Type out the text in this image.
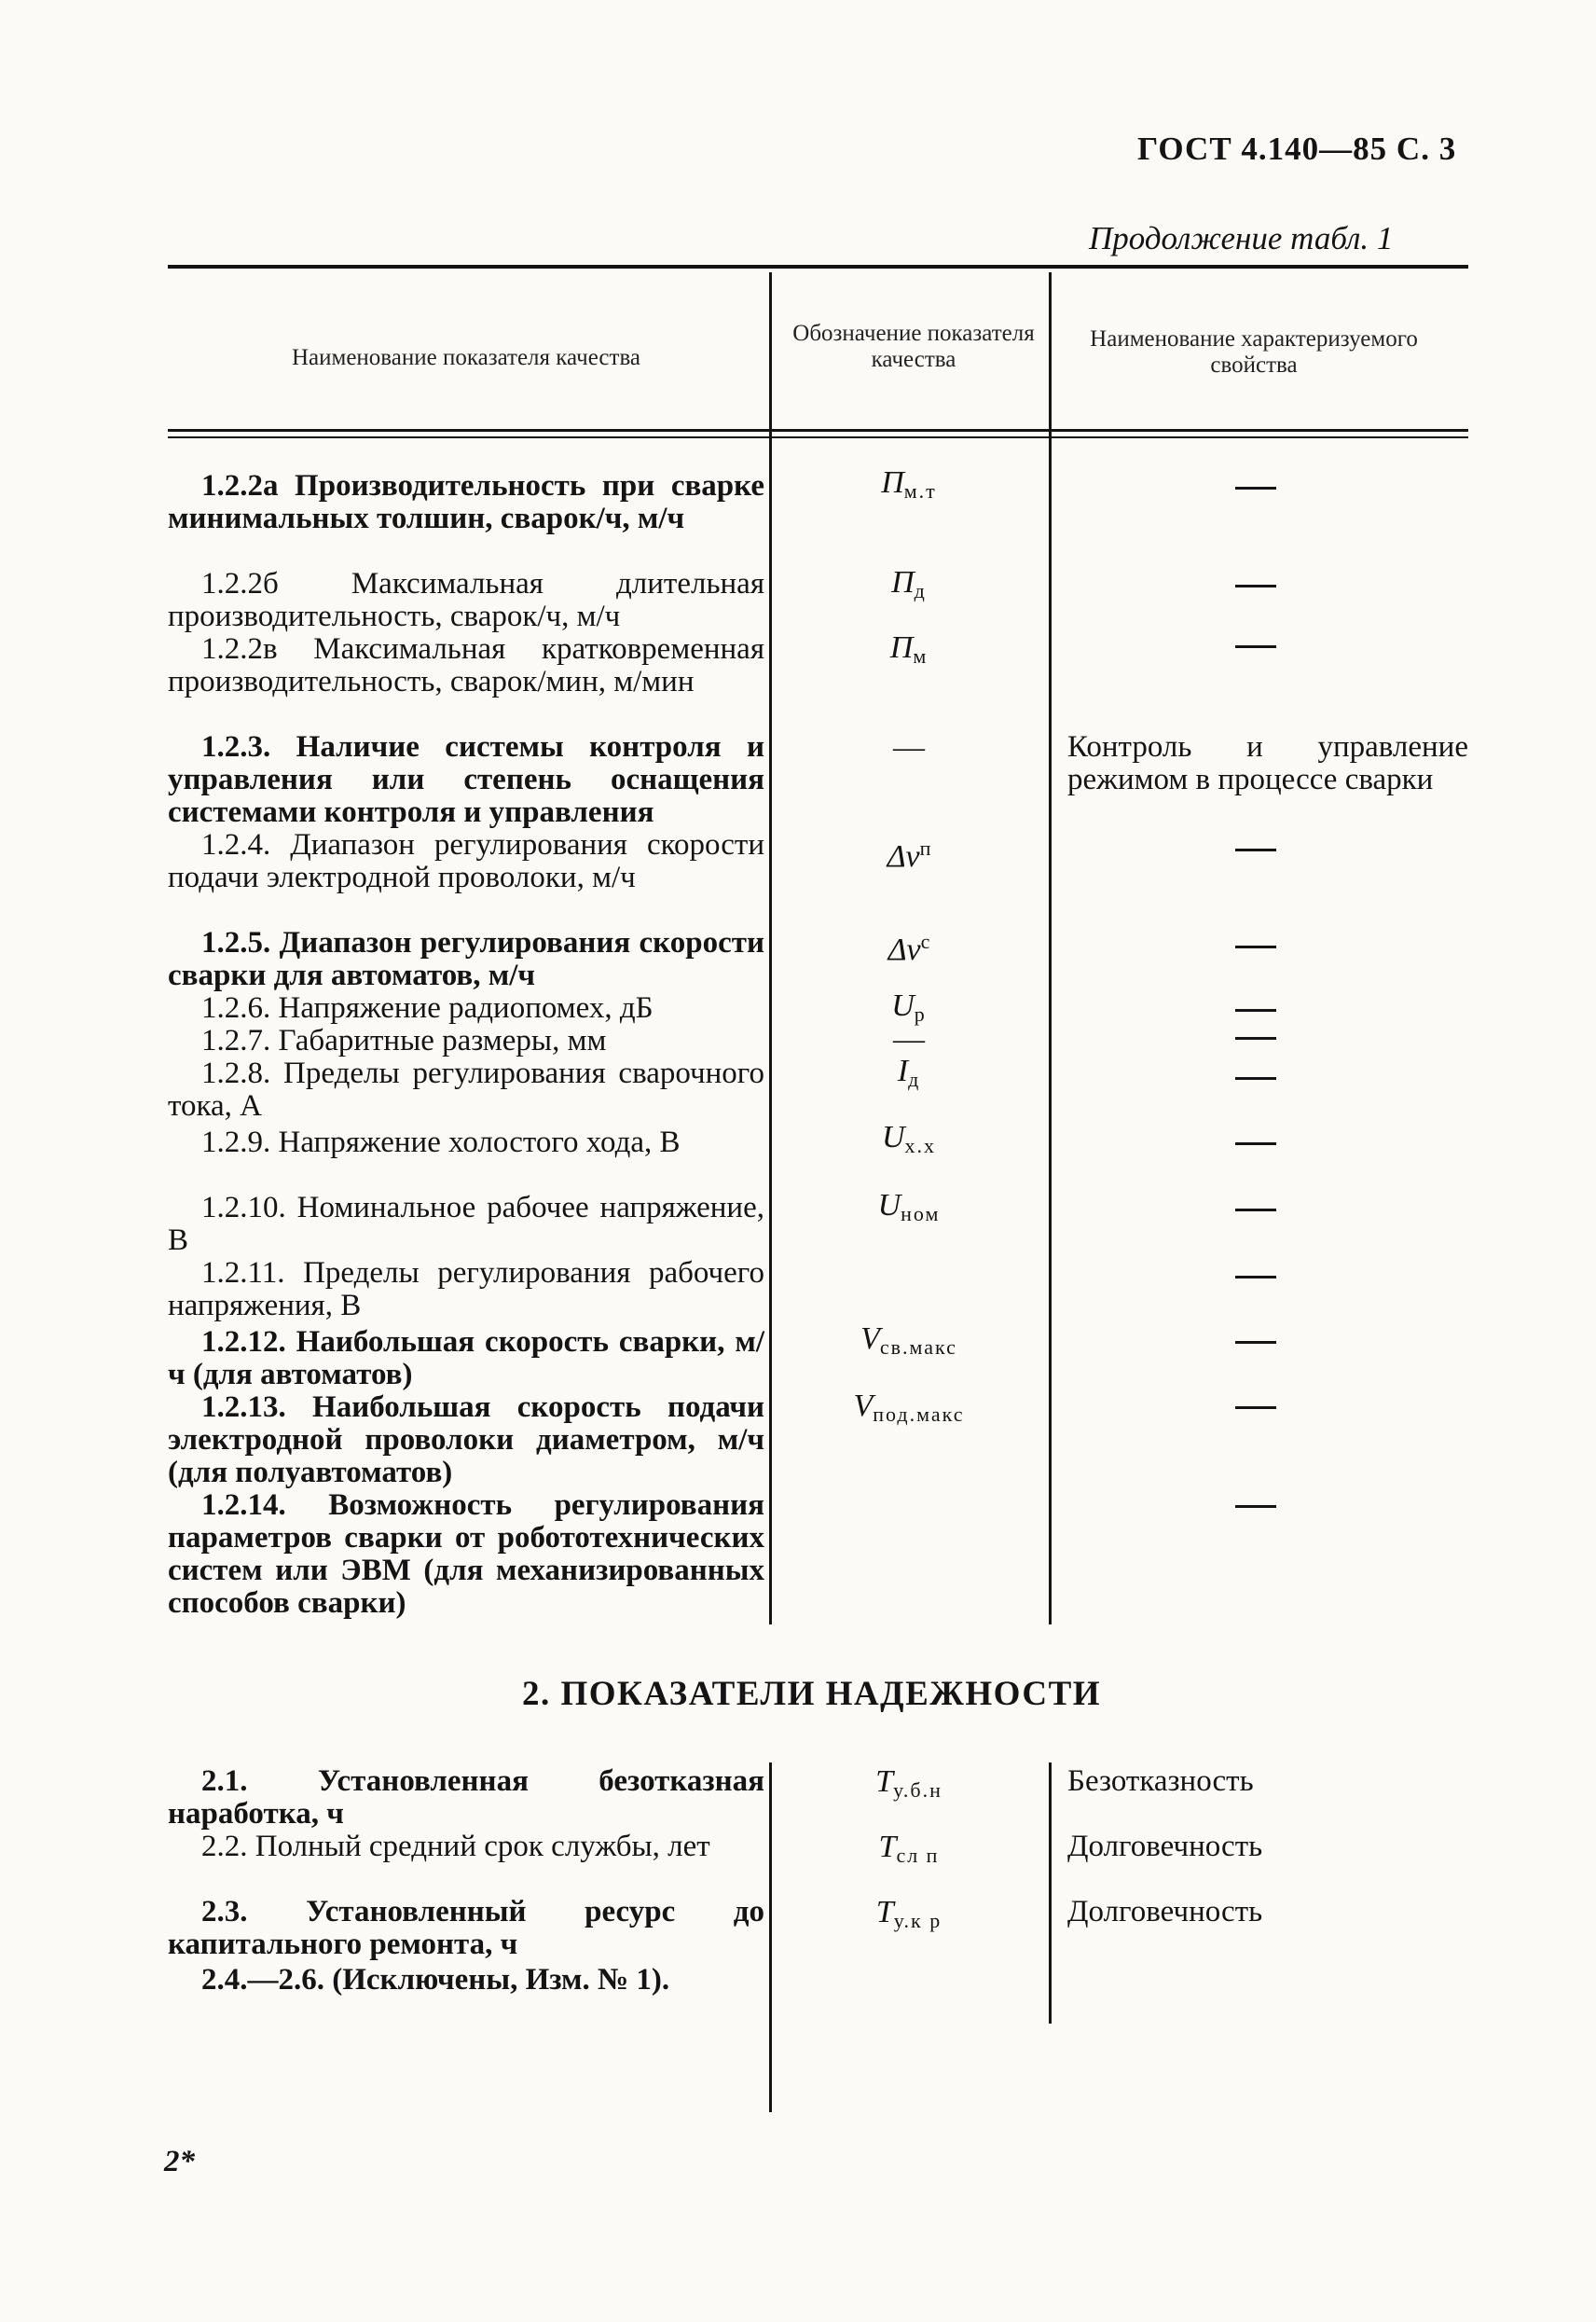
ГОСТ 4.140—85 С. 3
Продолжение табл. 1
Наименование показателя качества
Обозначение показателя качества
Наименование характеризуемого свойства
1.2.2а Производительность при сварке минимальных толшин, сварок/ч, м/ч
1.2.2б Максимальная длительная производительность, сварок/ч, м/ч
1.2.2в Максимальная кратковременная производительность, сварок/мин, м/мин
1.2.3. Наличие системы контроля и управления или степень оснащения системами контроля и управления
1.2.4. Диапазон регулирования скорости подачи электродной проволоки, м/ч
1.2.5. Диапазон регулирования скорости сварки для автоматов, м/ч
1.2.6. Напряжение радиопомех, дБ
1.2.7. Габаритные размеры, мм
1.2.8. Пределы регулирования сварочного тока, А
1.2.9. Напряжение холостого хода, В
1.2.10. Номинальное рабочее напряжение, В
1.2.11. Пределы регулирования рабочего напряжения, В
1.2.12. Наибольшая скорость сварки, м/ч (для автоматов)
1.2.13. Наибольшая скорость подачи электродной проволоки диаметром, м/ч (для полуавтоматов)
1.2.14. Возможность регулирования параметров сварки от робототехнических систем или ЭВМ (для механизированных способов сварки)
$П_{м.т}$
$П_д$
$П_м$
—
$\Delta v^п$
$\Delta v^с$
$U_р$
—
$I_д$
$U_{х.х}$
$U_{ном}$
$V_{св.макс}$
$V_{под.макс}$
Контроль и управление режимом в процессе сварки
2. ПОКАЗАТЕЛИ НАДЕЖНОСТИ
2.1. Установленная безотказная наработка, ч
2.2. Полный средний срок службы, лет
2.3. Установленный ресурс до капитального ремонта, ч
2.4.—2.6. (Исключены, Изм. № 1).
$T_{у.б.н}$
$T_{сл п}$
$T_{у.к р}$
Безотказность
Долговечность
Долговечность
2*
